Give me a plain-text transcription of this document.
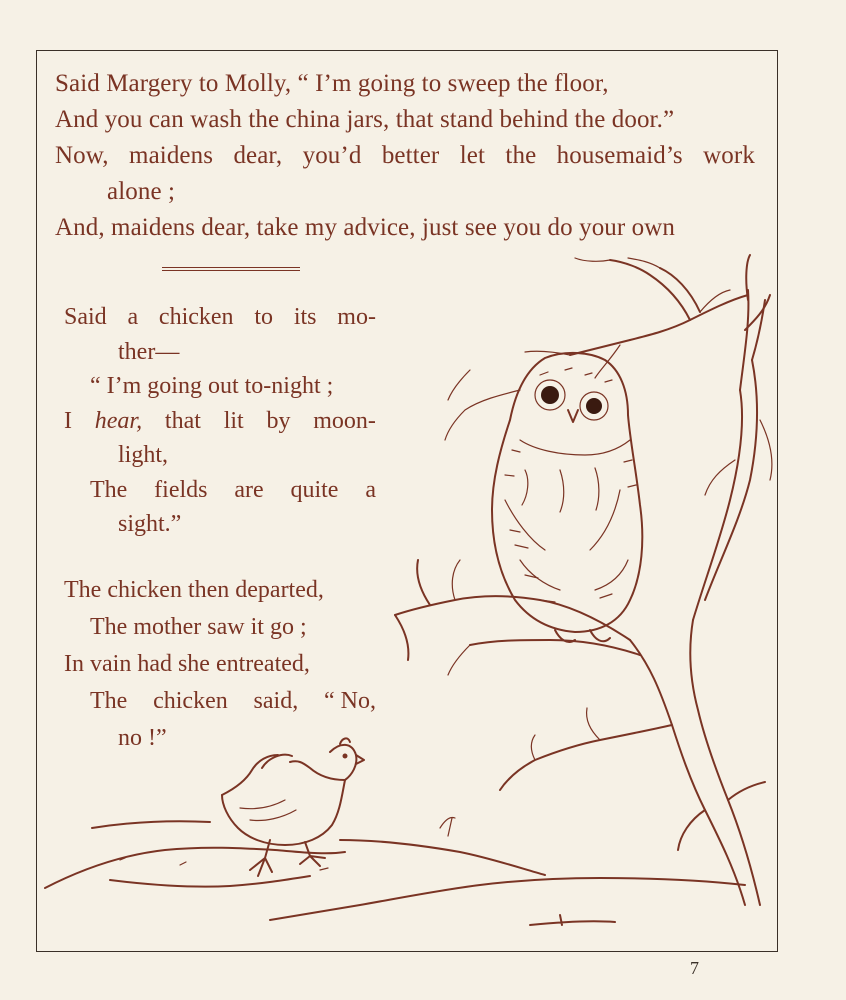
Said Margery to Molly, “ I’m going to sweep the floor,
And you can wash the china jars, that stand behind the door.”
Now, maidens dear, you’d better let the housemaid’s work
alone ;
And, maidens dear, take my advice, just see you do your own
Said a chicken to its mo-
ther—
“ I’m going out to-night ;
I hear, that lit by moon-
light,
The fields are quite a
sight.”
The chicken then departed,
The mother saw it go ;
In vain had she entreated,
The chicken said, “ No,
no !”
7
